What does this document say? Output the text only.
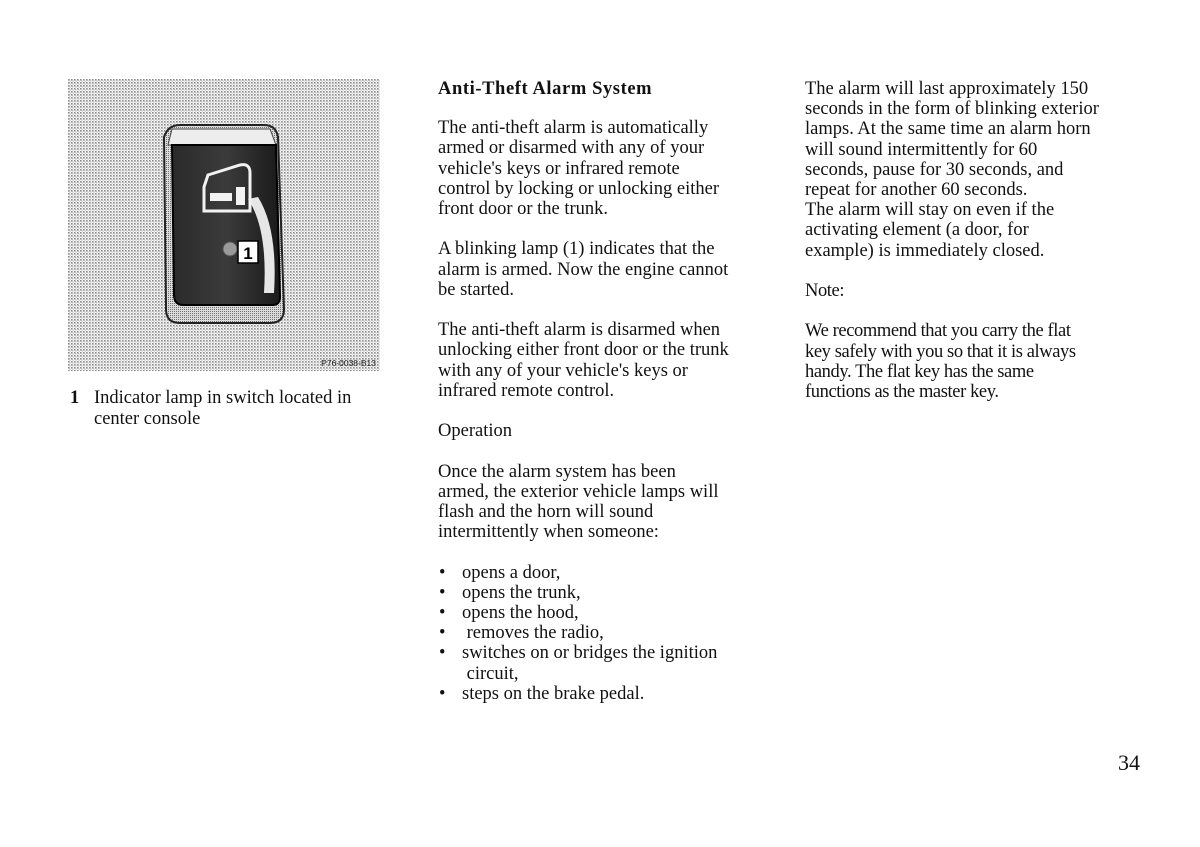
1
P76-0038-B13
1 Indicator lamp in switch located in
center console

Anti-Theft Alarm System

The anti-theft alarm is automatically
armed or disarmed with any of your
vehicle's keys or infrared remote
control by locking or unlocking either
front door or the trunk.

A blinking lamp (1) indicates that the
alarm is armed. Now the engine cannot
be started.

The anti-theft alarm is disarmed when
unlocking either front door or the trunk
with any of your vehicle's keys or
infrared remote control.

Operation

Once the alarm system has been
armed, the exterior vehicle lamps will
flash and the horn will sound
intermittently when someone:

• opens a door,
• opens the trunk,
• opens the hood,
• removes the radio,
• switches on or bridges the ignition
circuit,
• steps on the brake pedal.

The alarm will last approximately 150
seconds in the form of blinking exterior
lamps. At the same time an alarm horn
will sound intermittently for 60
seconds, pause for 30 seconds, and
repeat for another 60 seconds.
The alarm will stay on even if the
activating element (a door, for
example) is immediately closed.

Note:

We recommend that you carry the flat
key safely with you so that it is always
handy. The flat key has the same
functions as the master key.

34
